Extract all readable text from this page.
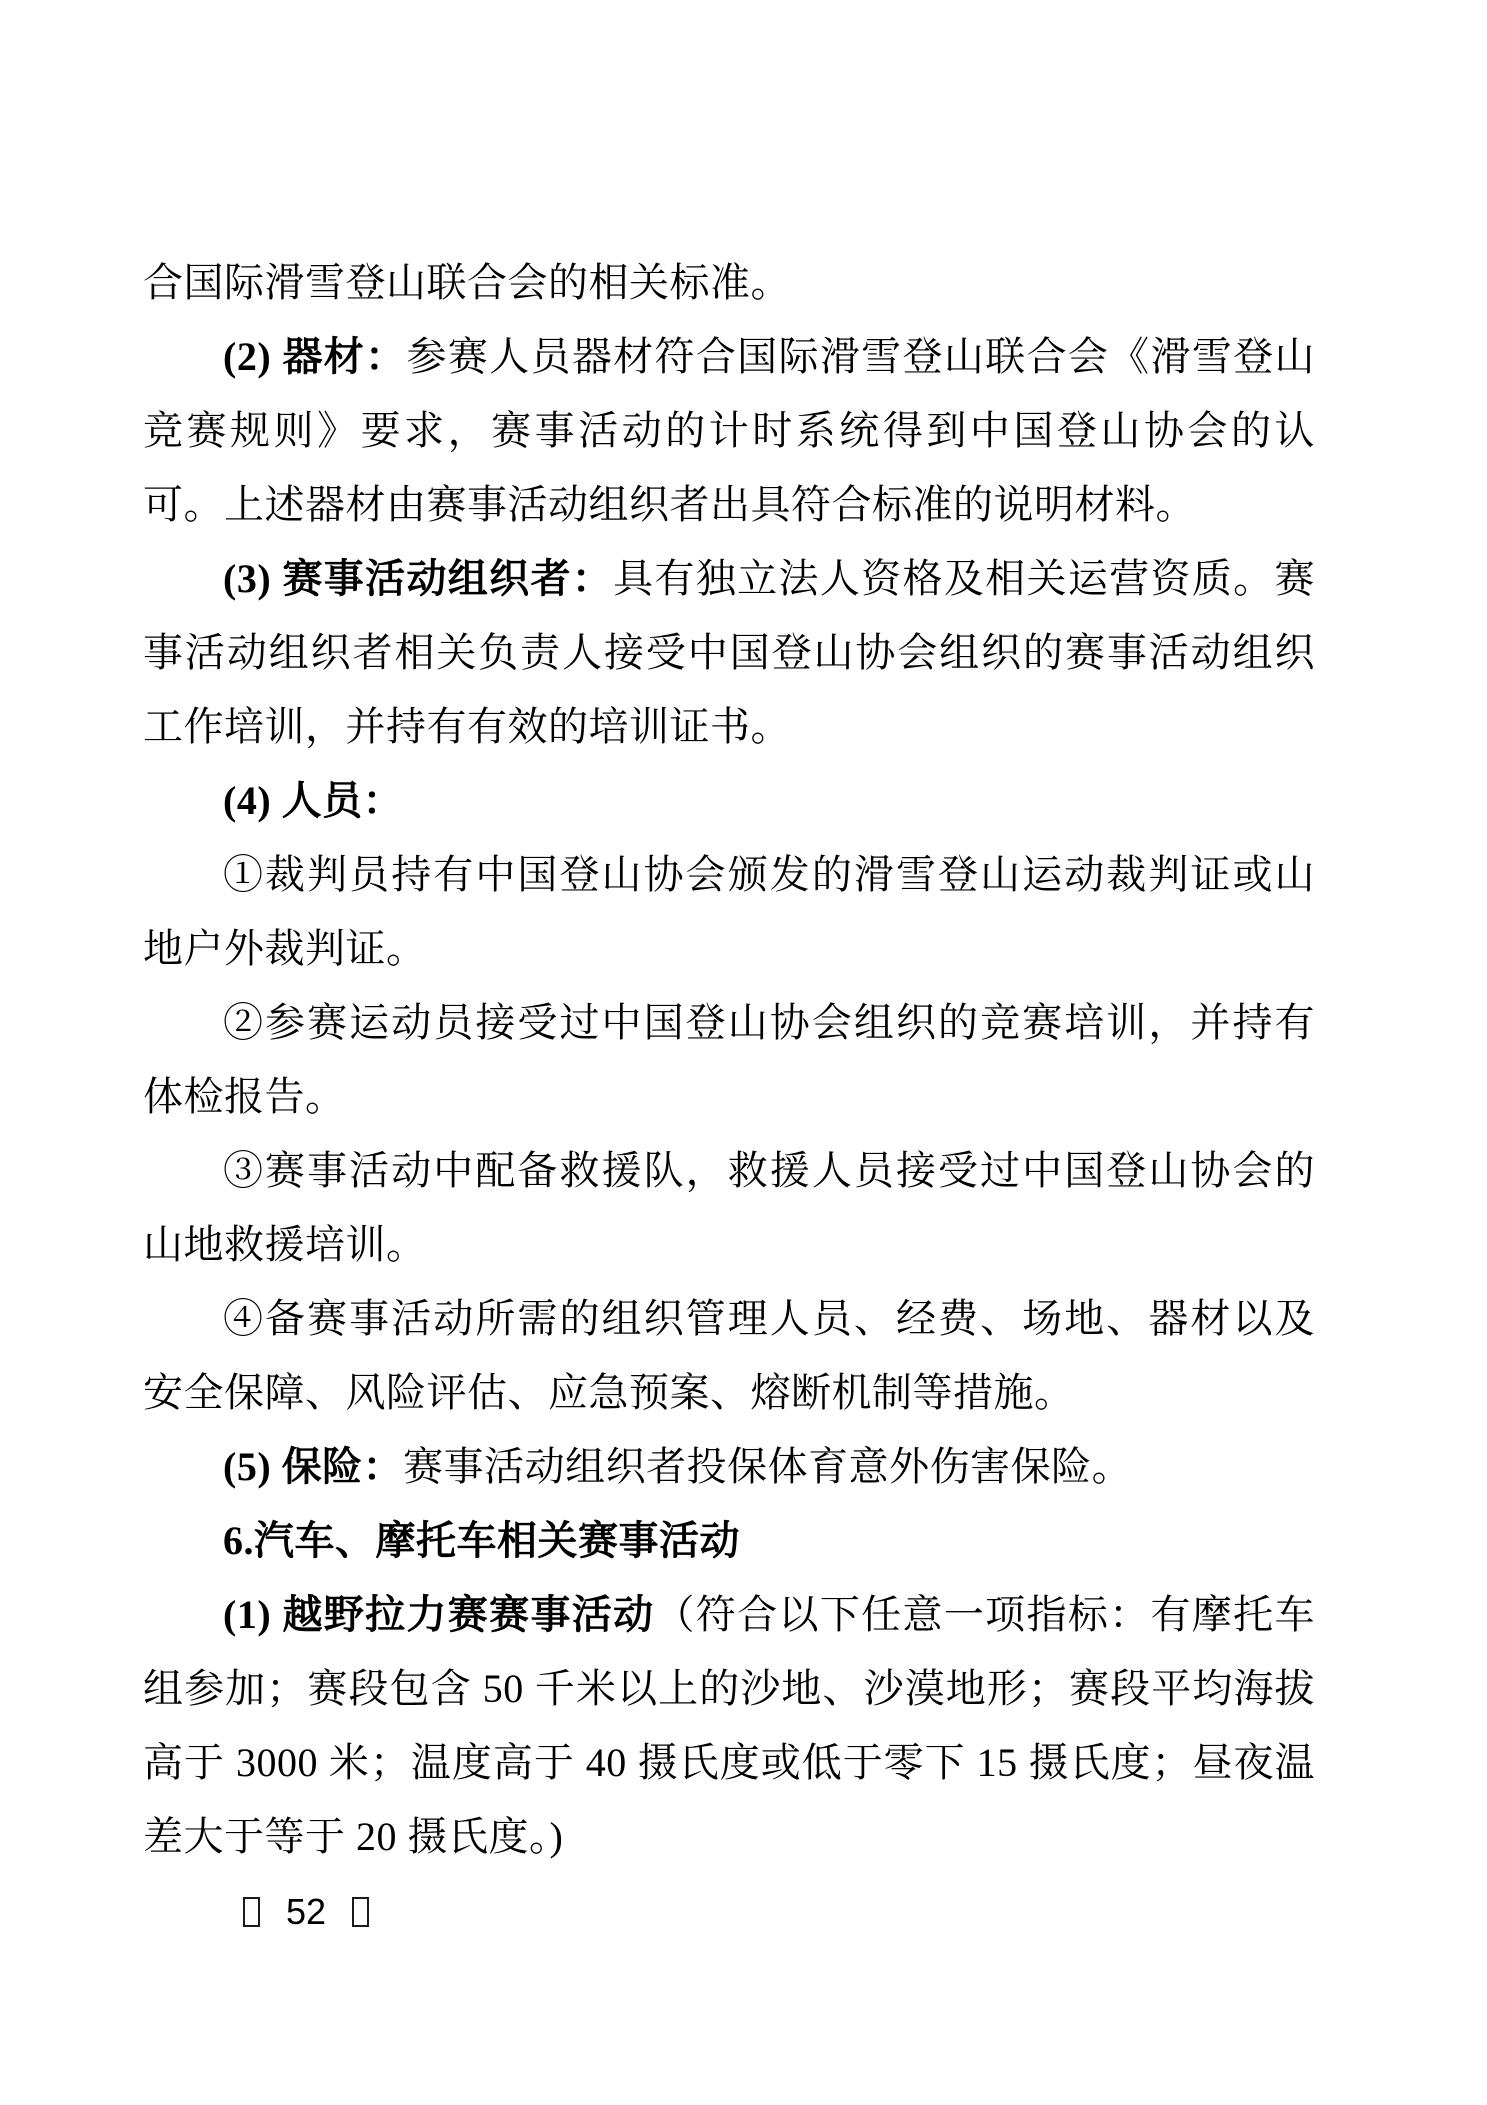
合国际滑雪登山联合会的相关标准。

(2) 器材：参赛人员器材符合国际滑雪登山联合会《滑雪登山竞赛规则》要求，赛事活动的计时系统得到中国登山协会的认可。上述器材由赛事活动组织者出具符合标准的说明材料。

(3) 赛事活动组织者：具有独立法人资格及相关运营资质。赛事活动组织者相关负责人接受中国登山协会组织的赛事活动组织工作培训，并持有有效的培训证书。

(4) 人员：

①裁判员持有中国登山协会颁发的滑雪登山运动裁判证或山地户外裁判证。

②参赛运动员接受过中国登山协会组织的竞赛培训，并持有体检报告。

③赛事活动中配备救援队，救援人员接受过中国登山协会的山地救援培训。

④备赛事活动所需的组织管理人员、经费、场地、器材以及安全保障、风险评估、应急预案、熔断机制等措施。

(5) 保险：赛事活动组织者投保体育意外伤害保险。

6.汽车、摩托车相关赛事活动

(1) 越野拉力赛赛事活动（符合以下任意一项指标：有摩托车组参加；赛段包含 50 千米以上的沙地、沙漠地形；赛段平均海拔高于 3000 米；温度高于 40 摄氏度或低于零下 15 摄氏度；昼夜温差大于等于 20 摄氏度。)

52
